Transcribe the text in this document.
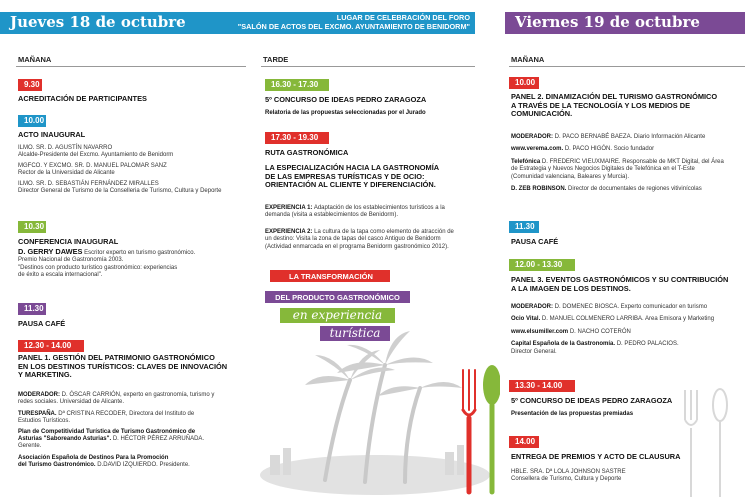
Jueves 18 de octubre	LUGAR DE CELEBRACIÓN DEL FORO
"SALÓN DE ACTOS DEL EXCMO. AYUNTAMIENTO DE BENIDORM"
MAÑANA
9.30
ACREDITACIÓN DE PARTICIPANTES
10.00
ACTO INAUGURAL
ILMO. SR. D. AGUSTÍN NAVARRO
Alcalde-Presidente del Excmo. Ayuntamiento de Benidorm
MGFCO. Y EXCMO. SR. D. MANUEL PALOMAR SANZ
Rector de la Universidad de Alicante
ILMO. SR. D. SEBASTIÁN FERNÁNDEZ MIRALLES
Director General de Turismo de la Conselleria de Turismo, Cultura y Deporte
10.30
CONFERENCIA INAUGURAL
D. GERRY DAWES Escritor experto en turismo gastronómico.
Premio Nacional de Gastronomía 2003.
"Destinos con producto turístico gastronómico: experiencias
de éxito a escala internacional".
11.30
PAUSA CAFÉ
12.30 - 14.00
PANEL 1. GESTIÓN DEL PATRIMONIO GASTRONÓMICO
EN LOS DESTINOS TURÍSTICOS: CLAVES DE INNOVACIÓN
Y MARKETING.
MODERADOR: D. ÓSCAR CARRIÓN, experto en gastronomía, turismo y
redes sociales. Universidad de Alicante.
TURESPAÑA. Dª CRISTINA RECODER, Directora del Instituto de
Estudios Turísticos.
Plan de Competitividad Turística de Turismo Gastronómico de
Asturias "Saboreando Asturias". D. HÉCTOR PÉREZ ARRUÑADA.
Gerente.
Asociación Española de Destinos Para la Promoción
del Turismo Gastronómico. D.DAVID IZQUIERDO. Presidente.
TARDE
16.30 - 17.30
5º CONCURSO DE IDEAS PEDRO ZARAGOZA
Relatoria de las propuestas seleccionadas por el Jurado
17.30 - 19.30
RUTA GASTRONÓMICA
LA ESPECIALIZACIÓN HACIA LA GASTRONOMÍA
DE LAS EMPRESAS TURÍSTICAS Y DE OCIO:
ORIENTACIÓN AL CLIENTE Y DIFERENCIACIÓN.
EXPERIENCIA 1: Adaptación de los establecimientos turísticos a la
demanda (visita a establecimientos de Benidorm).
EXPERIENCIA 2: La cultura de la tapa como elemento de atracción de
un destino: Visita la zona de tapas del casco Antiguo de Benidorm
(Actividad enmarcada en el programa Benidorm gastronómico 2012).
LA TRANSFORMACIÓN
DEL PRODUCTO GASTRONÓMICO
en experiencia
turística
Viernes 19 de octubre
MAÑANA
10.00
PANEL 2. DINAMIZACIÓN DEL TURISMO GASTRONÓMICO
A TRAVÉS DE LA TECNOLOGÍA Y LOS MEDIOS DE
COMUNICACIÓN.
MODERADOR: D. PACO BERNABÉ BAEZA. Diario Información Alicante
www.verema.com. D. PACO HIGÓN. Socio fundador
Telefónica D. FREDERIC VIEUXMAIRE. Responsable de MKT Digital, del Área
de Estrategia y Nuevos Negocios Digitales de Telefónica en el T-Este
(Comunidad valenciana, Baleares y Murcia).
D. ZEB ROBINSON. Director de documentales de regiones vitivinícolas
11.30
PAUSA CAFÉ
12.00 - 13.30
PANEL 3. EVENTOS GASTRONÓMICOS Y SU CONTRIBUCIÓN
A LA IMAGEN DE LOS DESTINOS.
MODERADOR: D. DOMENEC BIOSCA. Experto comunicador en turismo
Ocio Vital. D. MANUEL COLMENERO LARRIBA. Area Emisora y Marketing
www.elsumiller.com D. NACHO COTERÓN
Capital Española de la Gastronomía. D. PEDRO PALACIOS.
Director General.
13.30 - 14.00
5º CONCURSO DE IDEAS PEDRO ZARAGOZA
Presentación de las propuestas premiadas
14.00
ENTREGA DE PREMIOS Y ACTO DE CLAUSURA
HBLE. SRA. Dª LOLA JOHNSON SASTRE
Consellera de Turismo, Cultura y Deporte
